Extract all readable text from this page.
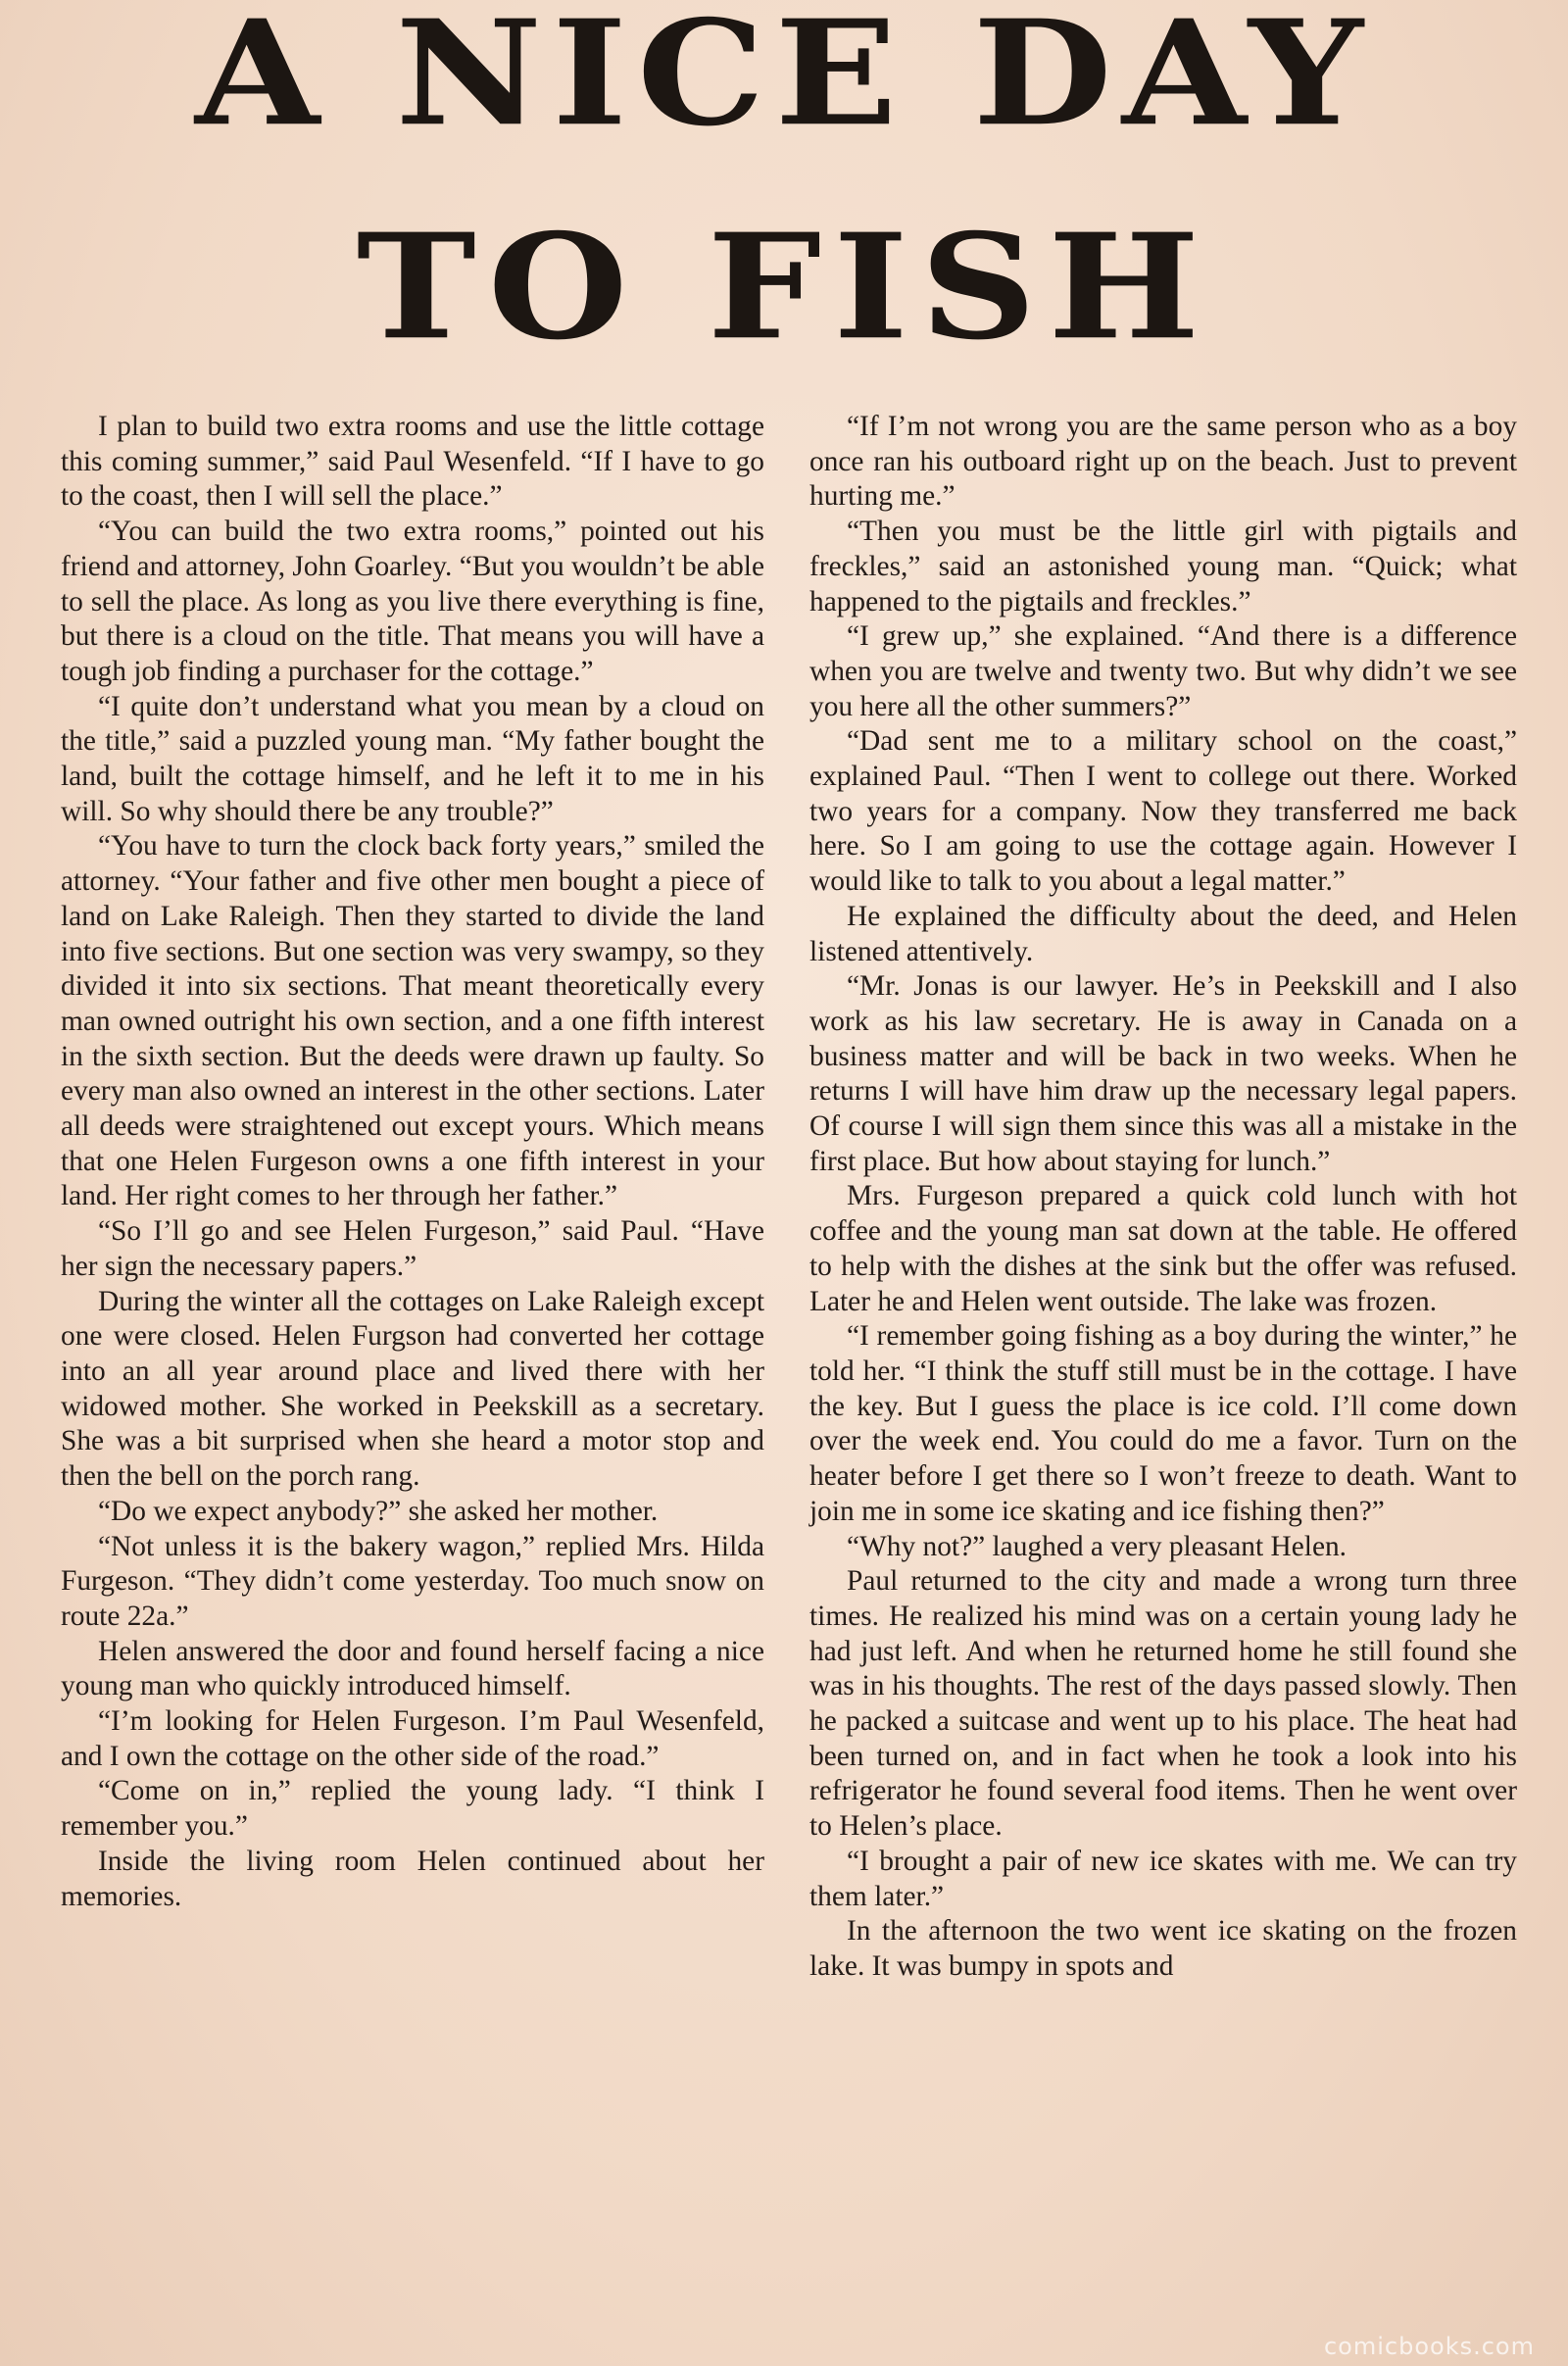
A NICE DAY
TO FISH

I plan to build two extra rooms and use the little cottage this coming summer,” said Paul Wesenfeld. “If I have to go to the coast, then I will sell the place.”

“You can build the two extra rooms,” pointed out his friend and attorney, John Goarley. “But you wouldn’t be able to sell the place. As long as you live there everything is fine, but there is a cloud on the title. That means you will have a tough job finding a purchaser for the cottage.”

“I quite don’t understand what you mean by a cloud on the title,” said a puzzled young man. “My father bought the land, built the cottage himself, and he left it to me in his will. So why should there be any trouble?”

“You have to turn the clock back forty years,” smiled the attorney. “Your father and five other men bought a piece of land on Lake Raleigh. Then they started to divide the land into five sections. But one section was very swampy, so they divided it into six sections. That meant theoretically every man owned outright his own section, and a one fifth interest in the sixth section. But the deeds were drawn up faulty. So every man also owned an interest in the other sections. Later all deeds were straightened out except yours. Which means that one Helen Furgeson owns a one fifth interest in your land. Her right comes to her through her father.”

“So I’ll go and see Helen Furgeson,” said Paul. “Have her sign the necessary papers.”

During the winter all the cottages on Lake Raleigh except one were closed. Helen Furgson had converted her cottage into an all year around place and lived there with her widowed mother. She worked in Peekskill as a secretary. She was a bit surprised when she heard a motor stop and then the bell on the porch rang.

“Do we expect anybody?” she asked her mother.

“Not unless it is the bakery wagon,” replied Mrs. Hilda Furgeson. “They didn’t come yesterday. Too much snow on route 22a.”

Helen answered the door and found herself facing a nice young man who quickly introduced himself.

“I’m looking for Helen Furgeson. I’m Paul Wesenfeld, and I own the cottage on the other side of the road.”

“Come on in,” replied the young lady. “I think I remember you.”

Inside the living room Helen continued about her memories.

“If I’m not wrong you are the same person who as a boy once ran his outboard right up on the beach. Just to prevent hurting me.”

“Then you must be the little girl with pigtails and freckles,” said an astonished young man. “Quick; what happened to the pigtails and freckles.”

“I grew up,” she explained. “And there is a difference when you are twelve and twenty two. But why didn’t we see you here all the other summers?”

“Dad sent me to a military school on the coast,” explained Paul. “Then I went to college out there. Worked two years for a company. Now they transferred me back here. So I am going to use the cottage again. However I would like to talk to you about a legal matter.”

He explained the difficulty about the deed, and Helen listened attentively.

“Mr. Jonas is our lawyer. He’s in Peekskill and I also work as his law secretary. He is away in Canada on a business matter and will be back in two weeks. When he returns I will have him draw up the necessary legal papers. Of course I will sign them since this was all a mistake in the first place. But how about staying for lunch.”

Mrs. Furgeson prepared a quick cold lunch with hot coffee and the young man sat down at the table. He offered to help with the dishes at the sink but the offer was refused. Later he and Helen went outside. The lake was frozen.

“I remember going fishing as a boy during the winter,” he told her. “I think the stuff still must be in the cottage. I have the key. But I guess the place is ice cold. I’ll come down over the week end. You could do me a favor. Turn on the heater before I get there so I won’t freeze to death. Want to join me in some ice skating and ice fishing then?”

“Why not?” laughed a very pleasant Helen.

Paul returned to the city and made a wrong turn three times. He realized his mind was on a certain young lady he had just left. And when he returned home he still found she was in his thoughts. The rest of the days passed slowly. Then he packed a suitcase and went up to his place. The heat had been turned on, and in fact when he took a look into his refrigerator he found several food items. Then he went over to Helen’s place.

“I brought a pair of new ice skates with me. We can try them later.”

In the afternoon the two went ice skating on the frozen lake. It was bumpy in spots and

comicbooks.com
